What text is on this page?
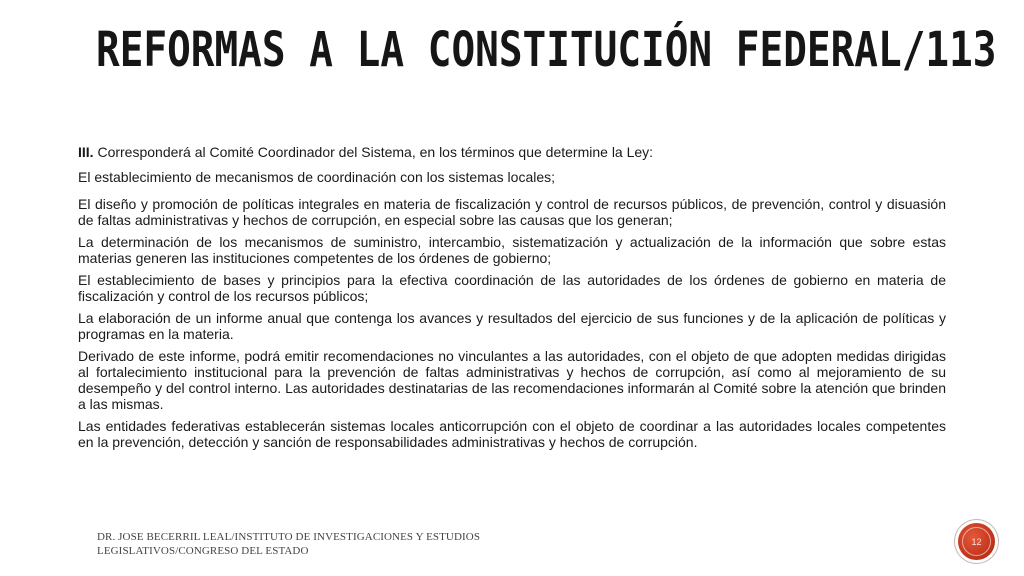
REFORMAS A LA CONSTITUCIÓN FEDERAL/113

III. Corresponderá al Comité Coordinador del Sistema, en los términos que determine la Ley:

El establecimiento de mecanismos de coordinación con los sistemas locales;

El diseño y promoción de políticas integrales en materia de fiscalización y control de recursos públicos, de prevención, control y disuasión de faltas administrativas y hechos de corrupción, en especial sobre las causas que los generan;

La determinación de los mecanismos de suministro, intercambio, sistematización y actualización de la información que sobre estas materias generen las instituciones competentes de los órdenes de gobierno;

El establecimiento de bases y principios para la efectiva coordinación de las autoridades de los órdenes de gobierno en materia de fiscalización y control de los recursos públicos;

La elaboración de un informe anual que contenga los avances y resultados del ejercicio de sus funciones y de la aplicación de políticas y programas en la materia.

Derivado de este informe, podrá emitir recomendaciones no vinculantes a las autoridades, con el objeto de que adopten medidas dirigidas al fortalecimiento institucional para la prevención de faltas administrativas y hechos de corrupción, así como al mejoramiento de su desempeño y del control interno. Las autoridades destinatarias de las recomendaciones informarán al Comité sobre la atención que brinden a las mismas.

Las entidades federativas establecerán sistemas locales anticorrupción con el objeto de coordinar a las autoridades locales competentes en la prevención, detección y sanción de responsabilidades administrativas y hechos de corrupción.

DR. JOSE BECERRIL LEAL/INSTITUTO DE INVESTIGACIONES Y ESTUDIOS LEGISLATIVOS/CONGRESO DEL ESTADO
12
